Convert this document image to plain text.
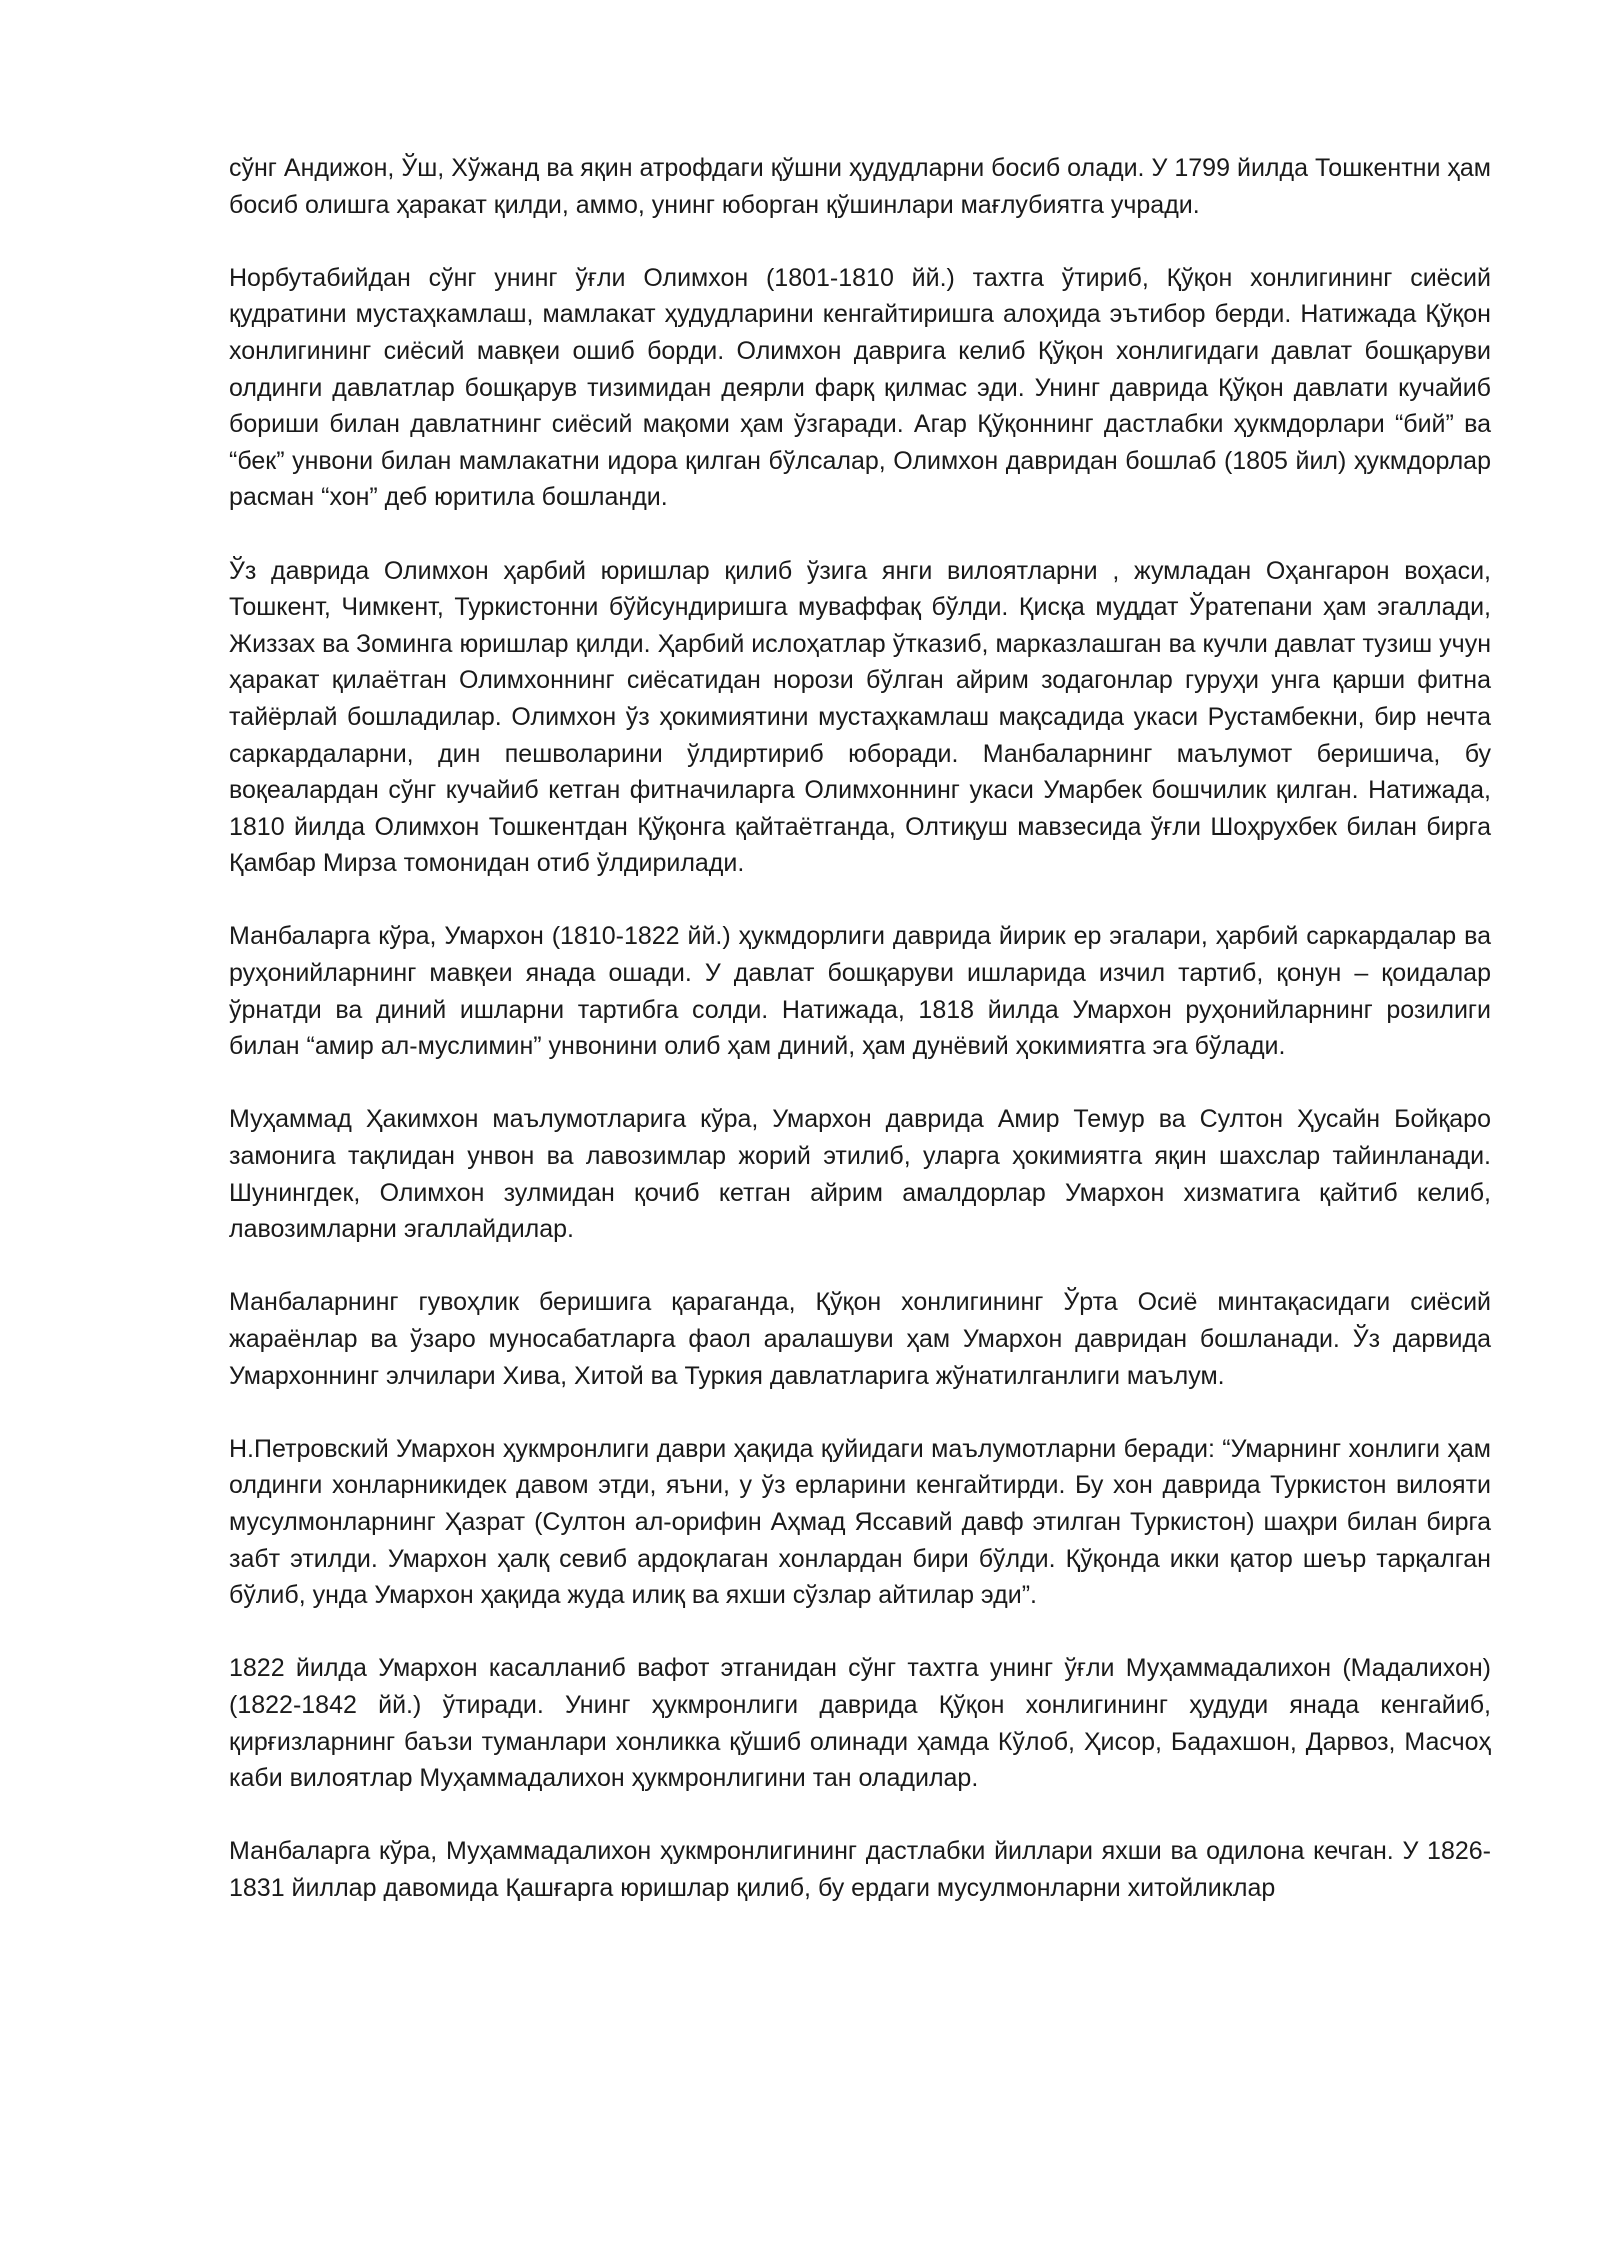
сўнг Андижон, Ўш, Хўжанд ва яқин атрофдаги қўшни ҳудудларни босиб олади. У 1799 йилда Тошкентни ҳам босиб олишга ҳаракат қилди, аммо, унинг юборган қўшинлари мағлубиятга учради.

Норбутабийдан сўнг унинг ўғли Олимхон (1801-1810 йй.) тахтга ўтириб, Қўқон хонлигининг сиёсий қудратини мустаҳкамлаш, мамлакат ҳудудларини кенгайтиришга алоҳида эътибор берди. Натижада Қўқон хонлигининг сиёсий мавқеи ошиб борди. Олимхон даврига келиб Қўқон хонлигидаги давлат бошқаруви олдинги давлатлар бошқарув тизимидан деярли фарқ қилмас эди. Унинг даврида Қўқон давлати кучайиб бориши билан давлатнинг сиёсий мақоми ҳам ўзгаради. Агар Қўқоннинг дастлабки ҳукмдорлари “бий” ва “бек” унвони билан мамлакатни идора қилган бўлсалар, Олимхон давридан бошлаб (1805 йил) ҳукмдорлар расман “хон” деб юритила бошланди.

Ўз даврида Олимхон ҳарбий юришлар қилиб ўзига янги вилоятларни , жумладан Оҳангарон воҳаси, Тошкент, Чимкент, Туркистонни бўйсундиришга муваффақ бўлди. Қисқа муддат Ўратепани ҳам эгаллади, Жиззах ва Зоминга юришлар қилди. Ҳарбий ислоҳатлар ўтказиб, марказлашган ва кучли давлат тузиш учун ҳаракат қилаётган Олимхоннинг сиёсатидан норози бўлган айрим зодагонлар гуруҳи унга қарши фитна тайёрлай бошладилар. Олимхон ўз ҳокимиятини мустаҳкамлаш мақсадида укаси Рустамбекни, бир нечта саркардаларни, дин пешволарини ўлдиртириб юборади. Манбаларнинг маълумот беришича, бу воқеалардан сўнг кучайиб кетган фитначиларга Олимхоннинг укаси Умарбек бошчилик қилган. Натижада, 1810 йилда Олимхон Тошкентдан Қўқонга қайтаётганда, Олтиқуш мавзесида ўғли Шоҳрухбек билан бирга Қамбар Мирза томонидан отиб ўлдирилади.

Манбаларга кўра, Умархон (1810-1822 йй.) ҳукмдорлиги даврида йирик ер эгалари, ҳарбий саркардалар ва руҳонийларнинг мавқеи янада ошади. У давлат бошқаруви ишларида изчил тартиб, қонун – қоидалар ўрнатди ва диний ишларни тартибга солди. Натижада, 1818 йилда Умархон руҳонийларнинг розилиги билан “амир ал-муслимин” унвонини олиб ҳам диний, ҳам дунёвий ҳокимиятга эга бўлади.

Муҳаммад Ҳакимхон маълумотларига кўра, Умархон даврида Амир Темур ва Султон Ҳусайн Бойқаро замонига тақлидан унвон ва лавозимлар жорий этилиб, уларга ҳокимиятга яқин шахслар тайинланади. Шунингдек, Олимхон зулмидан қочиб кетган айрим амалдорлар Умархон хизматига қайтиб келиб, лавозимларни эгаллайдилар.

Манбаларнинг гувоҳлик беришига қараганда, Қўқон хонлигининг Ўрта Осиё минтақасидаги сиёсий жараёнлар ва ўзаро муносабатларга фаол аралашуви ҳам Умархон давридан бошланади. Ўз дарвида Умархоннинг элчилари Хива, Хитой ва Туркия давлатларига жўнатилганлиги маълум.

Н.Петровский Умархон ҳукмронлиги даври ҳақида қуйидаги маълумотларни беради: “Умарнинг хонлиги ҳам олдинги хонларникидек давом этди, яъни, у ўз ерларини кенгайтирди. Бу хон даврида Туркистон вилояти мусулмонларнинг Ҳазрат (Султон ал-орифин Аҳмад Яссавий давф этилган Туркистон) шаҳри билан бирга забт этилди. Умархон ҳалқ севиб ардоқлаган хонлардан бири бўлди. Қўқонда икки қатор шеър тарқалган бўлиб, унда Умархон ҳақида жуда илиқ ва яхши сўзлар айтилар эди”.

1822 йилда Умархон касалланиб вафот этганидан сўнг тахтга унинг ўғли Муҳаммадалихон (Мадалихон) (1822-1842 йй.) ўтиради. Унинг ҳукмронлиги даврида Қўқон хонлигининг ҳудуди янада кенгайиб, қирғизларнинг баъзи туманлари хонликка қўшиб олинади ҳамда Кўлоб, Ҳисор, Бадахшон, Дарвоз, Масчоҳ каби вилоятлар Муҳаммадалихон ҳукмронлигини тан оладилар.

Манбаларга кўра, Муҳаммадалихон ҳукмронлигининг дастлабки йиллари яхши ва одилона кечган. У 1826-1831 йиллар давомида Қашғарга юришлар қилиб, бу ердаги мусулмонларни хитойликлар
